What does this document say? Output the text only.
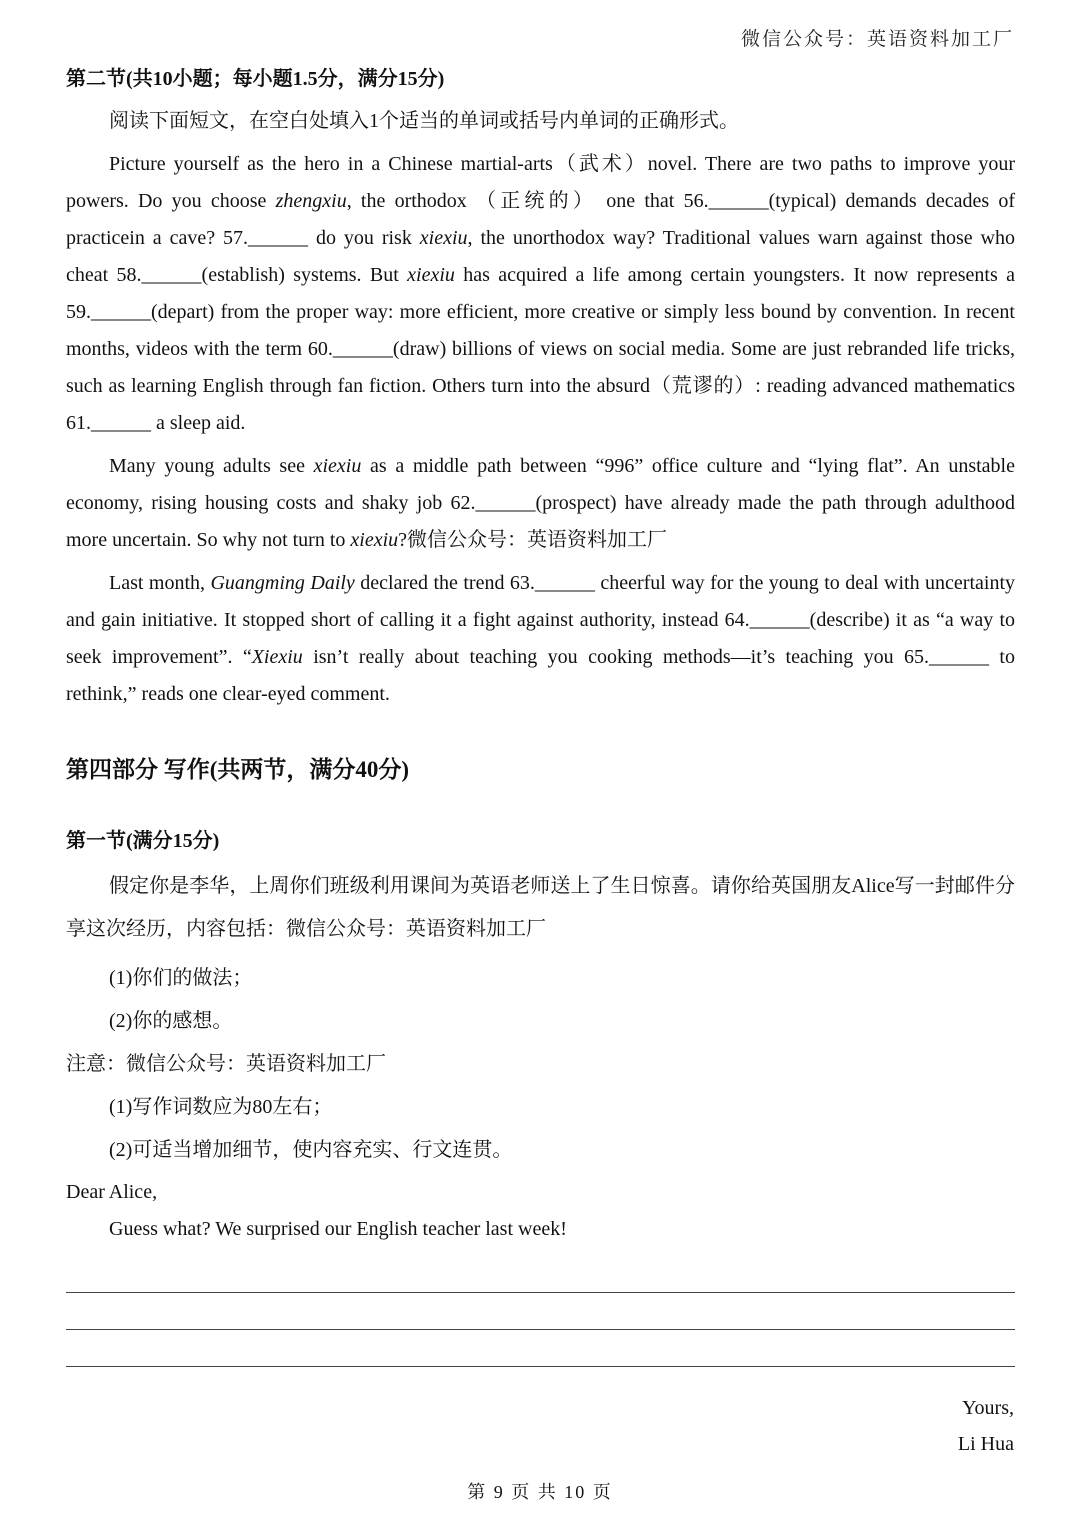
微信公众号：英语资料加工厂
第二节(共10小题；每小题1.5分，满分15分)
阅读下面短文，在空白处填入1个适当的单词或括号内单词的正确形式。

Picture yourself as the hero in a Chinese martial-arts（武术）novel. There are two paths to improve your powers. Do you choose zhengxiu, the orthodox （正统的） one that 56.______(typical) demands decades of practicein a cave? 57.______ do you risk xiexiu, the unorthodox way? Traditional values warn against those who cheat 58.______(establish) systems. But xiexiu has acquired a life among certain youngsters. It now represents a 59.______(depart) from the proper way: more efficient, more creative or simply less bound by convention. In recent months, videos with the term 60.______(draw) billions of views on social media. Some are just rebranded life tricks, such as learning English through fan fiction. Others turn into the absurd（荒谬的）: reading advanced mathematics 61.______ a sleep aid.

Many young adults see xiexiu as a middle path between “996” office culture and “lying flat”. An unstable economy, rising housing costs and shaky job 62.______(prospect) have already made the path through adulthood more uncertain. So why not turn to xiexiu?微信公众号：英语资料加工厂

Last month, Guangming Daily declared the trend 63.______ cheerful way for the young to deal with uncertainty and gain initiative. It stopped short of calling it a fight against authority, instead 64.______(describe) it as “a way to seek improvement”. “Xiexiu isn’t really about teaching you cooking methods—it’s teaching you 65.______ to rethink,” reads one clear-eyed comment.

第四部分 写作(共两节，满分40分)
第一节(满分15分)

假定你是李华，上周你们班级利用课间为英语老师送上了生日惊喜。请你给英国朋友Alice写一封邮件分享这次经历，内容包括：微信公众号：英语资料加工厂

(1)你们的做法；
(2)你的感想。
注意：微信公众号：英语资料加工厂
(1)写作词数应为80左右；
(2)可适当增加细节，使内容充实、行文连贯。
Dear Alice,
Guess what? We surprised our English teacher last week!
Yours,
Li Hua
第 9 页 共 10 页
